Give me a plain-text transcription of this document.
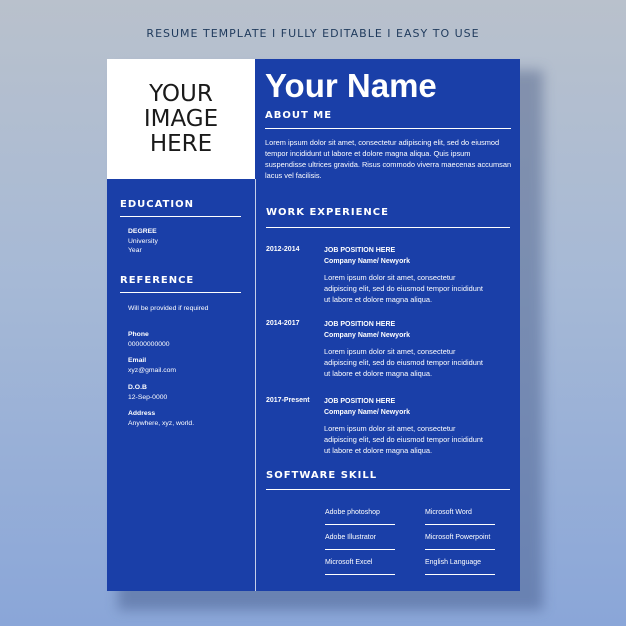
RESUME TEMPLATE I FULLY EDITABLE I EASY TO USE
YOUR
IMAGE
HERE
Your Name
ABOUT ME
Lorem ipsum dolor sit amet, consectetur adipiscing elit, sed do eiusmod tempor incididunt ut labore et dolore magna aliqua. Quis ipsum suspendisse ultrices gravida. Risus commodo viverra maecenas accumsan lacus vel facilisis.
EDUCATION
DEGREE
University
Year
REFERENCE
Will be provided if required
Phone
00000000000
Email
xyz@gmail.com
D.O.B
12-Sep-0000
Address
Anywhere, xyz, world.
WORK EXPERIENCE
2012-2014	JOB POSITION HERE
Company Name/ Newyork
Lorem ipsum dolor sit amet, consectetur adipiscing elit, sed do eiusmod tempor incididunt ut labore et dolore magna aliqua.
2014-2017	JOB POSITION HERE
Company Name/ Newyork
Lorem ipsum dolor sit amet, consectetur adipiscing elit, sed do eiusmod tempor incididunt ut labore et dolore magna aliqua.
2017-Present JOB POSITION HERE
Company Name/ Newyork
Lorem ipsum dolor sit amet, consectetur adipiscing elit, sed do eiusmod tempor incididunt ut labore et dolore magna aliqua.
SOFTWARE SKILL
Adobe photoshop
Adobe Illustrator
Microsoft Excel
Microsoft Word
Microsoft Powerpoint
English Language
